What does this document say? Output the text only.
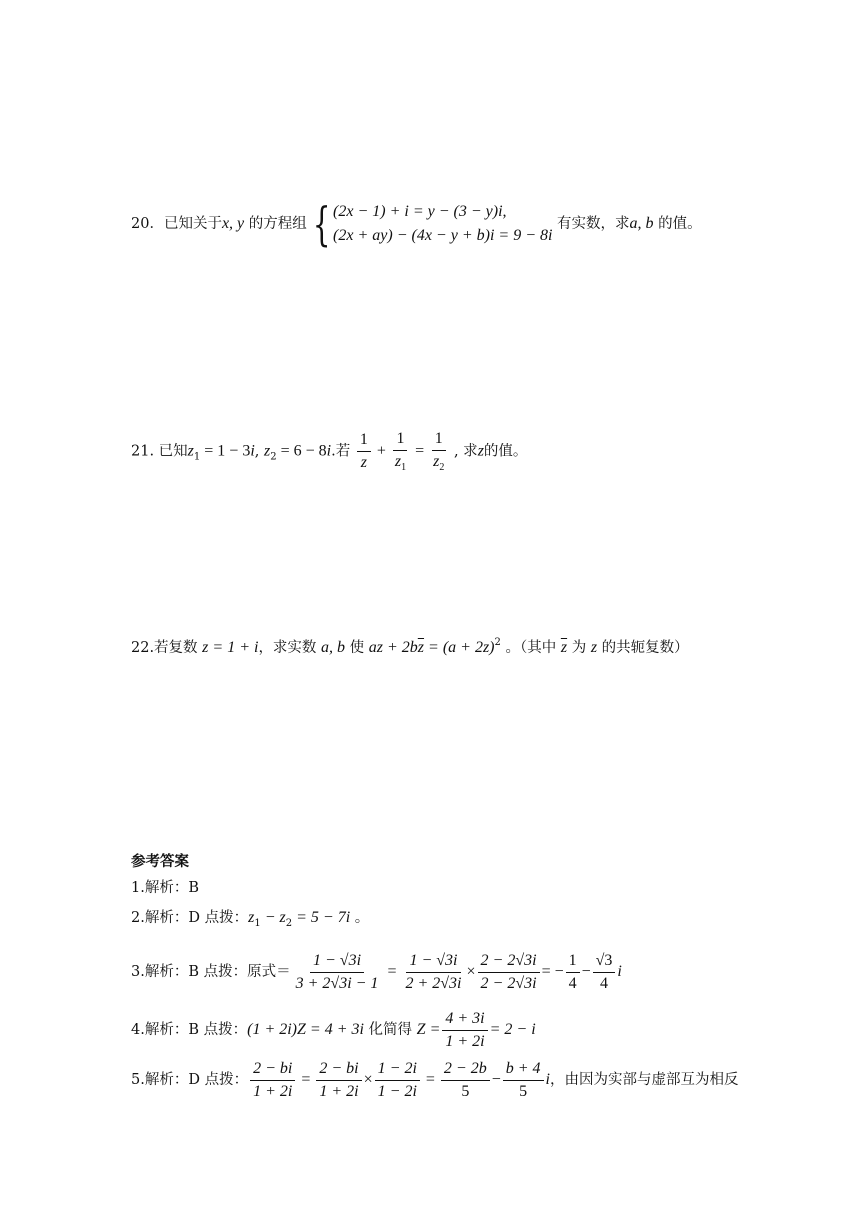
20．已知关于x, y 的方程组 { (2x − 1) + i = y − (3 − y)i,
(2x + ay) − (4x − y + b)i = 9 − 8i
有实数，求a, b 的值。
21. 已知$z_1 = 1 - 3i$, $z_2 = 6 - 8i$.若 $\frac{1}{z} + \frac{1}{z_1} = \frac{1}{z_2}$ , 求z的值。
22.若复数 z = 1 + i，求实数 a, b 使 az + $2b\overline{z} = (a + 2z)^2$ 。（其中 $\overline{z}$ 为 z 的共轭复数）
参考答案
1.解析：B
2.解析：D 点拨：$z_1 - z_2 = 5 - 7i$ 。
3.解析：B 点拨：原式＝ $\frac{1 - √3i}{3 + 2√3i - 1} = \frac{1 - √3i}{2 + 2√3i} \times \frac{2 - 2√3i}{2 - 2√3i}$ = − $\frac{1}{4} - \frac{√3}{4}$ i
4.解析：B 点拨：(1 + 2i)Z = 4 + 3i 化简得 $Z = \frac{4 + 3i}{1 + 2i} = 2 - i$
5.解析：D 点拨： $\frac{2 - bi}{1 + 2i} = \frac{2 - bi}{1 + 2i} \times \frac{1 - 2i}{1 - 2i} = \frac{2 - 2b}{5} - \frac{b + 4}{5}$ i，由因为实部与虚部互为相反
